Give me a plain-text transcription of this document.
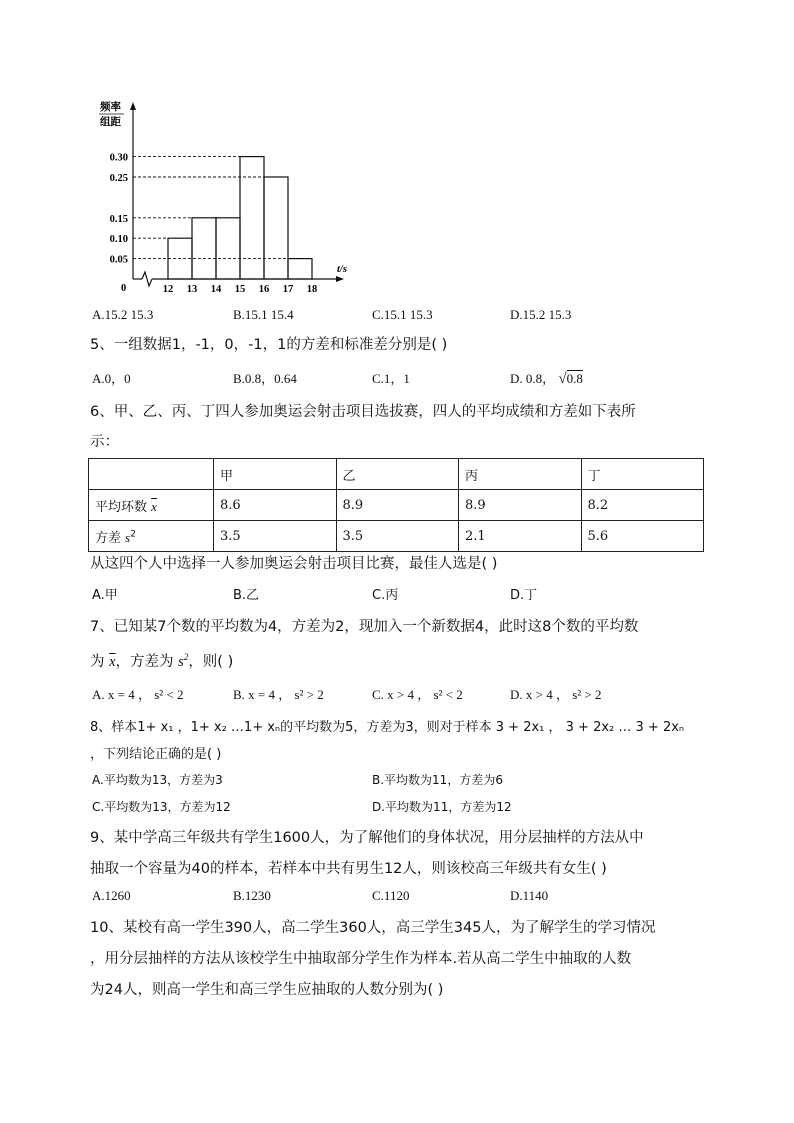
0.30
0.25
0.15
0.10
0.05
12 13 14 15 16 17 18
频率
组距
t/s
0
A.15.2 15.3	B.15.1 15.4	C.15.1 15.3	D.15.2 15.3
5、一组数据1，-1，0，-1，1的方差和标准差分别是( )
A.0，0	B.0.8，0.64	C.1，1	D. 0.8， √0.8
6、甲、乙、丙、丁四人参加奥运会射击项目选拔赛，四人的平均成绩和方差如下表所
示：
	甲	乙	丙	丁
平均环数 $\overline{x}$	8.6	8.9	8.9	8.2
方差 $s^2$	3.5	3.5	2.1	5.6
从这四个人中选择一人参加奥运会射击项目比赛，最佳人选是( )
A.甲	B.乙	C.丙	D.丁
7、已知某7个数的平均数为4，方差为2，现加入一个新数据4，此时这8个数的平均数
为 $\overline{x}$，方差为 $s^2$，则( )
A. x = 4 ， s² < 2	B. x = 4 ， s² > 2	C. x > 4 ， s² < 2	D. x > 4 ， s² > 2
8、样本1+ x₁ ，1+ x₂ …1+ xₙ的平均数为5，方差为3，则对于样本 3 + 2x₁ ， 3 + 2x₂ … 3 + 2xₙ
，下列结论正确的是( )
A.平均数为13，方差为3	B.平均数为11，方差为6
C.平均数为13，方差为12	D.平均数为11，方差为12
9、某中学高三年级共有学生1600人，为了解他们的身体状况，用分层抽样的方法从中
抽取一个容量为40的样本，若样本中共有男生12人，则该校高三年级共有女生( )
A.1260	B.1230	C.1120	D.1140
10、某校有高一学生390人，高二学生360人，高三学生345人，为了解学生的学习情况
，用分层抽样的方法从该校学生中抽取部分学生作为样本.若从高二学生中抽取的人数
为24人，则高一学生和高三学生应抽取的人数分别为( )
